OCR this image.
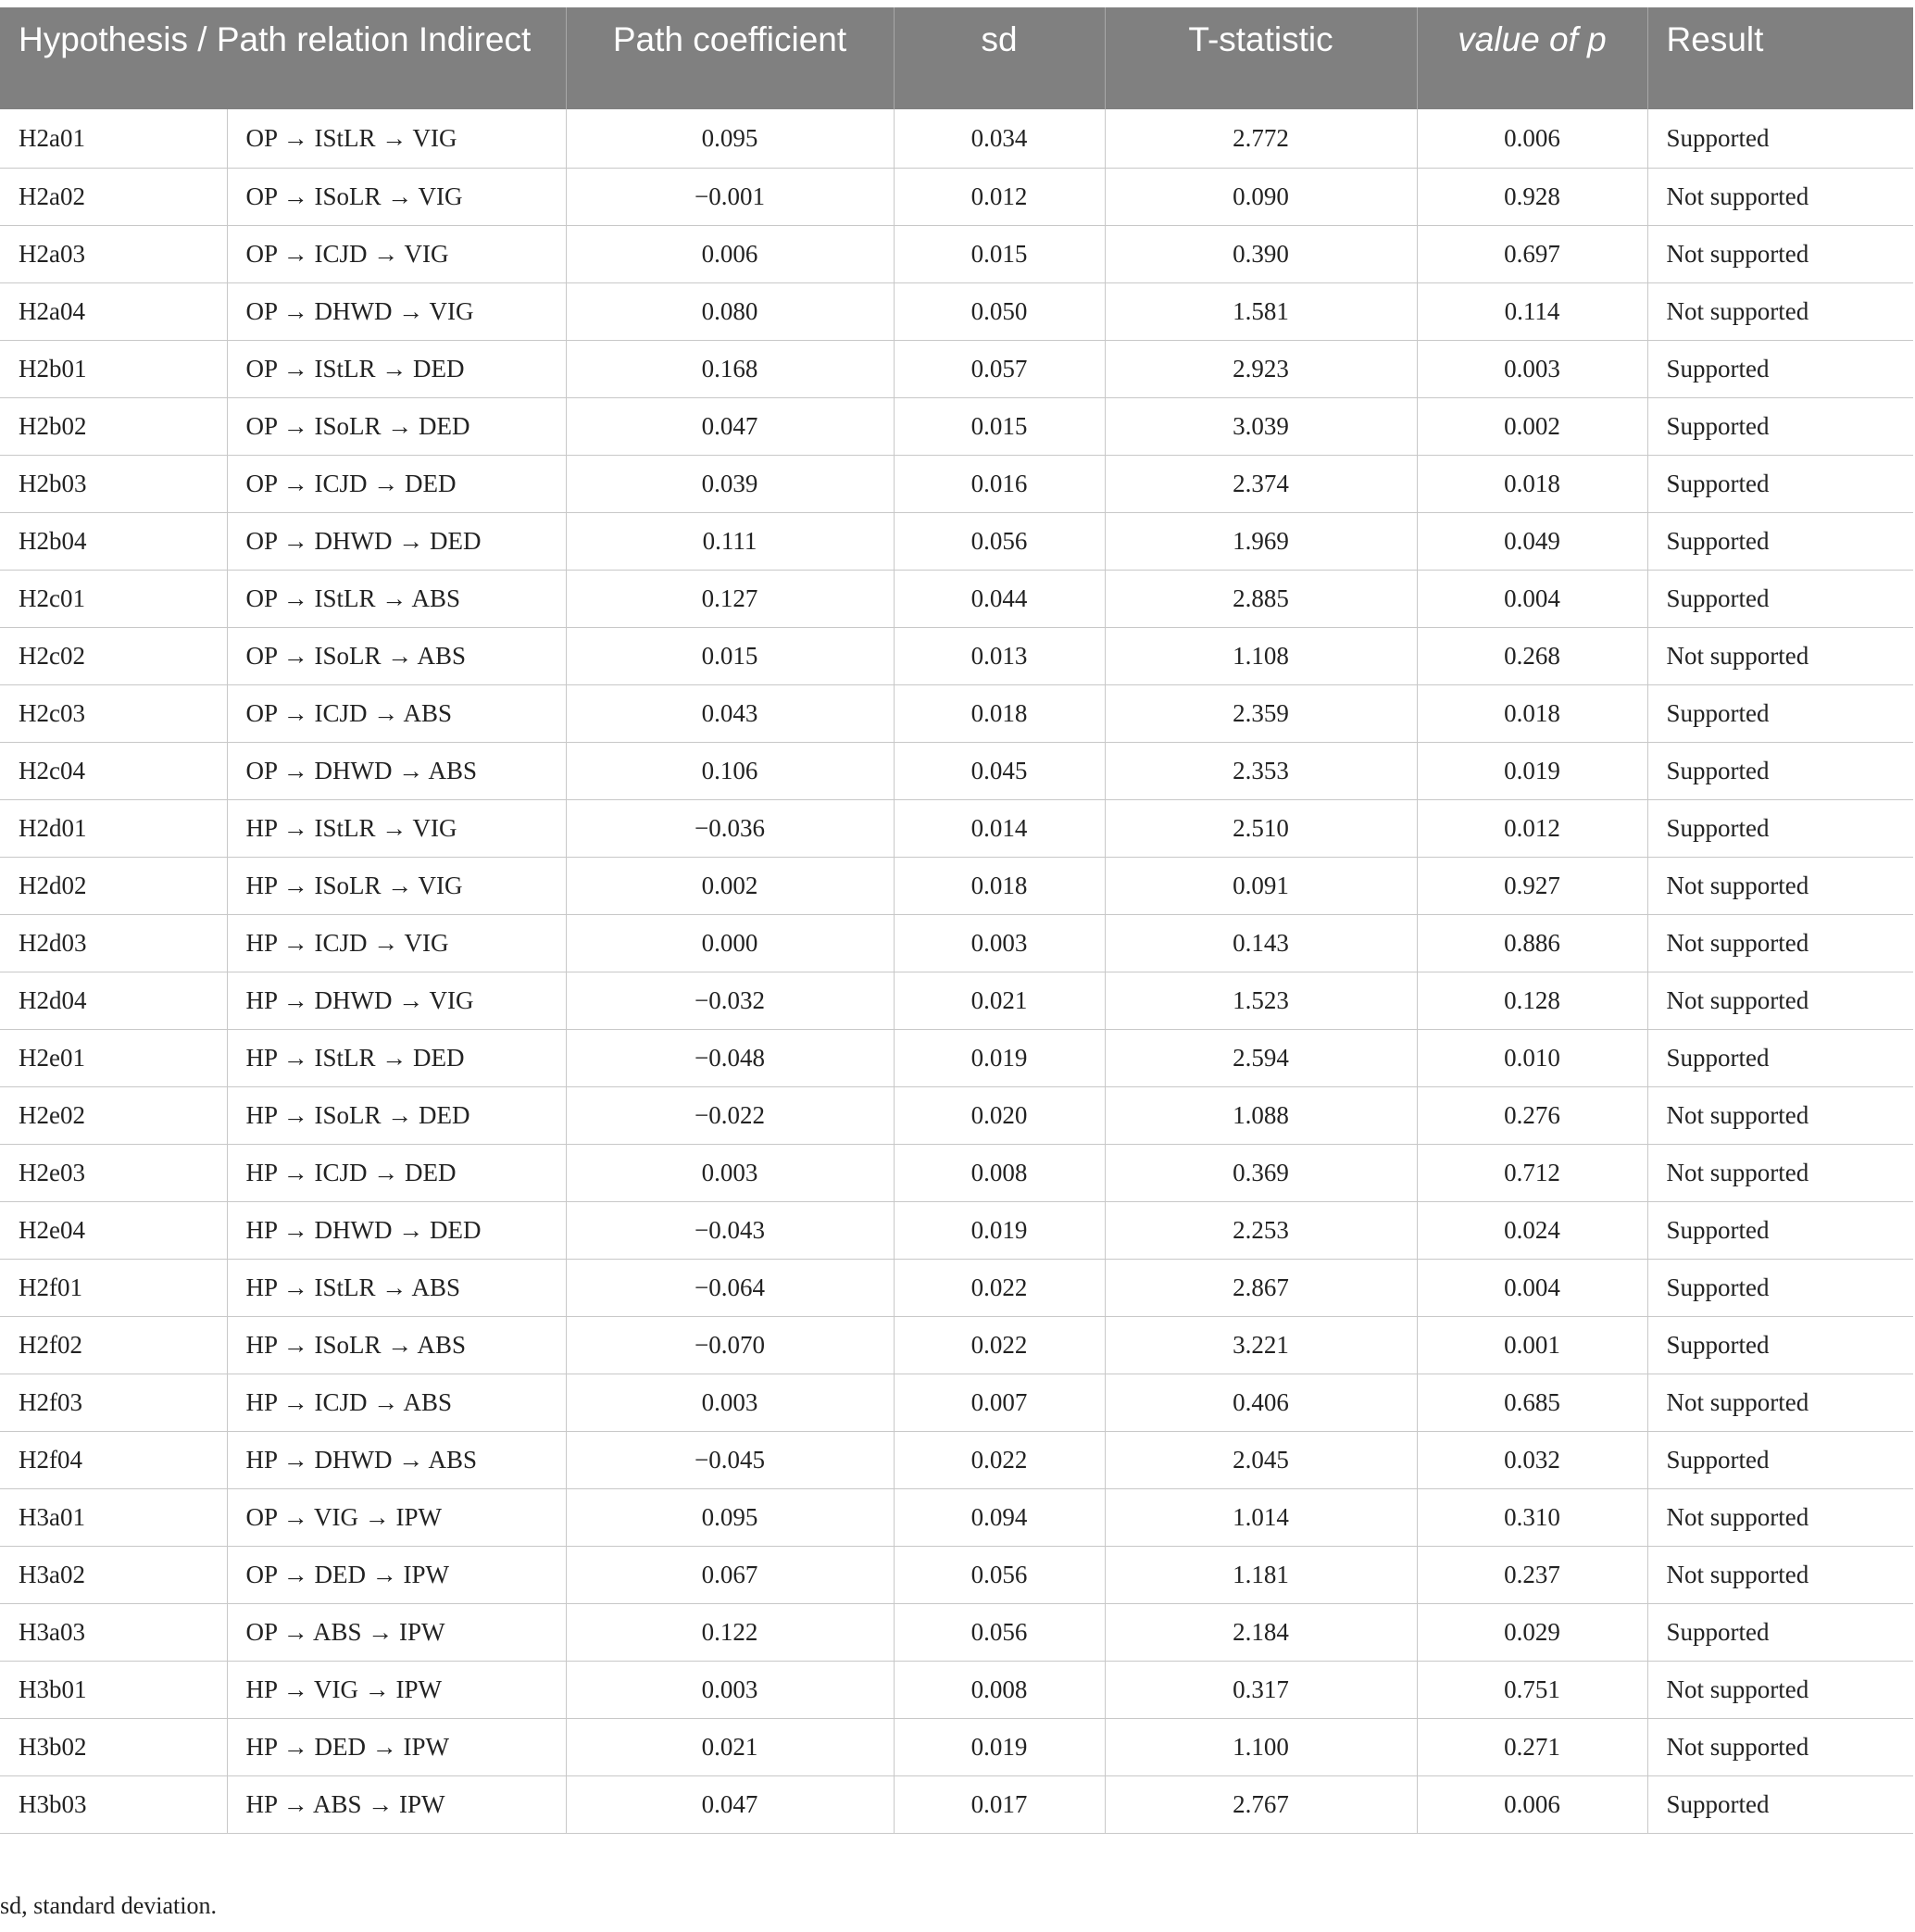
Hypothesis / Path relation Indirect		Path coefficient	sd	T-statistic	value of p	Result
H2a01	OP → IStLR → VIG	0.095	0.034	2.772	0.006	Supported
H2a02	OP → ISoLR → VIG	−0.001	0.012	0.090	0.928	Not supported
H2a03	OP → ICJD → VIG	0.006	0.015	0.390	0.697	Not supported
H2a04	OP → DHWD → VIG	0.080	0.050	1.581	0.114	Not supported
H2b01	OP → IStLR → DED	0.168	0.057	2.923	0.003	Supported
H2b02	OP → ISoLR → DED	0.047	0.015	3.039	0.002	Supported
H2b03	OP → ICJD → DED	0.039	0.016	2.374	0.018	Supported
H2b04	OP → DHWD → DED	0.111	0.056	1.969	0.049	Supported
H2c01	OP → IStLR → ABS	0.127	0.044	2.885	0.004	Supported
H2c02	OP → ISoLR → ABS	0.015	0.013	1.108	0.268	Not supported
H2c03	OP → ICJD → ABS	0.043	0.018	2.359	0.018	Supported
H2c04	OP → DHWD → ABS	0.106	0.045	2.353	0.019	Supported
H2d01	HP → IStLR → VIG	−0.036	0.014	2.510	0.012	Supported
H2d02	HP → ISoLR → VIG	0.002	0.018	0.091	0.927	Not supported
H2d03	HP → ICJD → VIG	0.000	0.003	0.143	0.886	Not supported
H2d04	HP → DHWD → VIG	−0.032	0.021	1.523	0.128	Not supported
H2e01	HP → IStLR → DED	−0.048	0.019	2.594	0.010	Supported
H2e02	HP → ISoLR → DED	−0.022	0.020	1.088	0.276	Not supported
H2e03	HP → ICJD → DED	0.003	0.008	0.369	0.712	Not supported
H2e04	HP → DHWD → DED	−0.043	0.019	2.253	0.024	Supported
H2f01	HP → IStLR → ABS	−0.064	0.022	2.867	0.004	Supported
H2f02	HP → ISoLR → ABS	−0.070	0.022	3.221	0.001	Supported
H2f03	HP → ICJD → ABS	0.003	0.007	0.406	0.685	Not supported
H2f04	HP → DHWD → ABS	−0.045	0.022	2.045	0.032	Supported
H3a01	OP → VIG → IPW	0.095	0.094	1.014	0.310	Not supported
H3a02	OP → DED → IPW	0.067	0.056	1.181	0.237	Not supported
H3a03	OP → ABS → IPW	0.122	0.056	2.184	0.029	Supported
H3b01	HP → VIG → IPW	0.003	0.008	0.317	0.751	Not supported
H3b02	HP → DED → IPW	0.021	0.019	1.100	0.271	Not supported
H3b03	HP → ABS → IPW	0.047	0.017	2.767	0.006	Supported
sd, standard deviation.
